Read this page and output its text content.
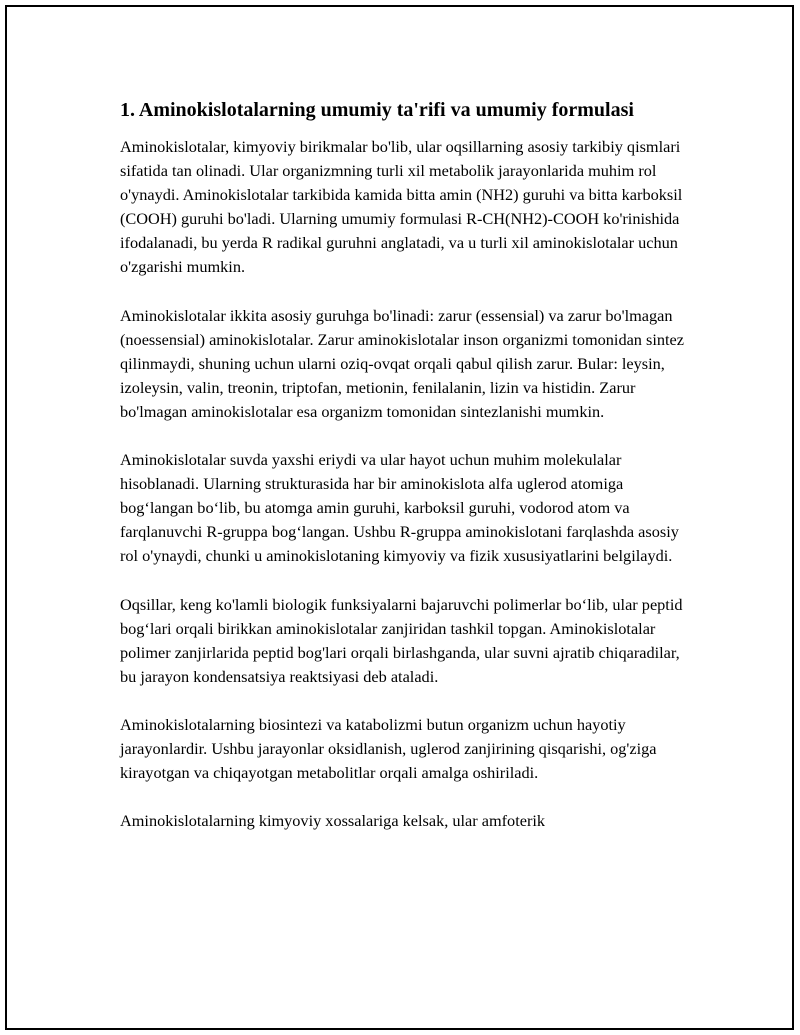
1. Aminokislotalarning umumiy ta'rifi va umumiy formulasi

Aminokislotalar, kimyoviy birikmalar bo'lib, ular oqsillarning asosiy tarkibiy qismlari sifatida tan olinadi. Ular organizmning turli xil metabolik jarayonlarida muhim rol o'ynaydi. Aminokislotalar tarkibida kamida bitta amin (NH2) guruhi va bitta karboksil (COOH) guruhi bo'ladi. Ularning umumiy formulasi R-CH(NH2)-COOH ko'rinishida ifodalanadi, bu yerda R radikal guruhni anglatadi, va u turli xil aminokislotalar uchun o'zgarishi mumkin.

Aminokislotalar ikkita asosiy guruhga bo'linadi: zarur (essensial) va zarur bo'lmagan (noessensial) aminokislotalar. Zarur aminokislotalar inson organizmi tomonidan sintez qilinmaydi, shuning uchun ularni oziq-ovqat orqali qabul qilish zarur. Bular: leysin, izoleysin, valin, treonin, triptofan, metionin, fenilalanin, lizin va histidin. Zarur bo'lmagan aminokislotalar esa organizm tomonidan sintezlanishi mumkin.

Aminokislotalar suvda yaxshi eriydi va ular hayot uchun muhim molekulalar hisoblanadi. Ularning strukturasida har bir aminokislota alfa uglerod atomiga bog‘langan bo‘lib, bu atomga amin guruhi, karboksil guruhi, vodorod atom va farqlanuvchi R-gruppa bog‘langan. Ushbu R-gruppa aminokislotani farqlashda asosiy rol o'ynaydi, chunki u aminokislotaning kimyoviy va fizik xususiyatlarini belgilaydi.

Oqsillar, keng ko'lamli biologik funksiyalarni bajaruvchi polimerlar bo‘lib, ular peptid bog‘lari orqali birikkan aminokislotalar zanjiridan tashkil topgan. Aminokislotalar polimer zanjirlarida peptid bog'lari orqali birlashganda, ular suvni ajratib chiqaradilar, bu jarayon kondensatsiya reaktsiyasi deb ataladi.

Aminokislotalarning biosintezi va katabolizmi butun organizm uchun hayotiy jarayonlardir. Ushbu jarayonlar oksidlanish, uglerod zanjirining qisqarishi, og'ziga kirayotgan va chiqayotgan metabolitlar orqali amalga oshiriladi.

Aminokislotalarning kimyoviy xossalariga kelsak, ular amfoterik
